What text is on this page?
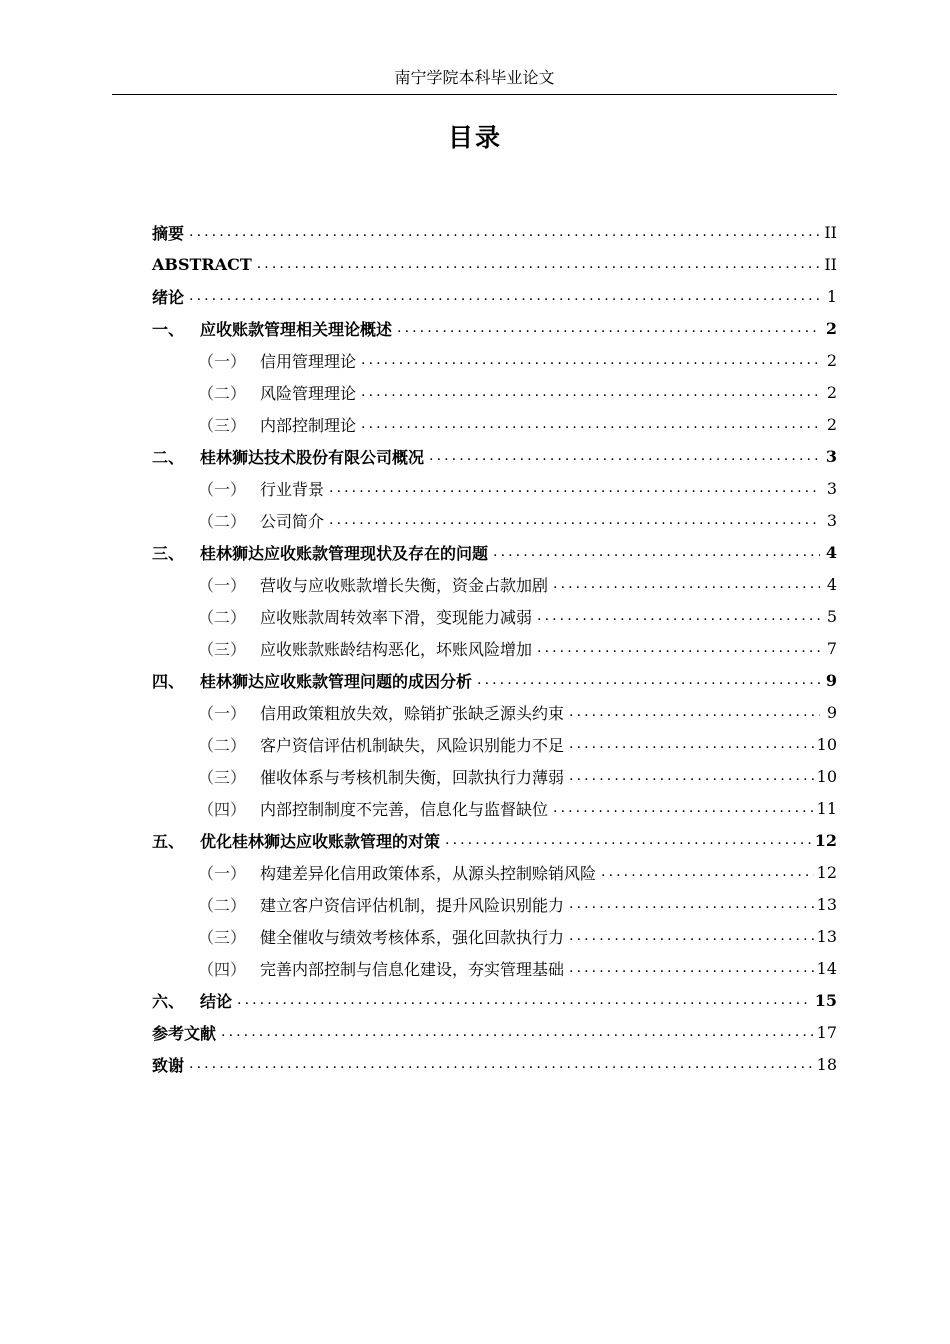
南宁学院本科毕业论文
目录
摘要 .....	II
ABSTRACT .....	II
绪论 .....	1
一、 应收账款管理相关理论概述 .....	2
（一） 信用管理理论 .....	2
（二） 风险管理理论 .....	2
（三） 内部控制理论 .....	2
二、 桂林狮达技术股份有限公司概况 .....	3
（一） 行业背景 .....	3
（二） 公司简介 .....	3
三、 桂林狮达应收账款管理现状及存在的问题 .....	4
（一） 营收与应收账款增长失衡，资金占款加剧 .....	4
（二） 应收账款周转效率下滑，变现能力减弱 .....	5
（三） 应收账款账龄结构恶化，坏账风险增加 .....	7
四、 桂林狮达应收账款管理问题的成因分析 .....	9
（一） 信用政策粗放失效，赊销扩张缺乏源头约束 .....	9
（二） 客户资信评估机制缺失，风险识别能力不足 .....	10
（三） 催收体系与考核机制失衡，回款执行力薄弱 .....	10
（四） 内部控制制度不完善，信息化与监督缺位 .....	11
五、 优化桂林狮达应收账款管理的对策 .....	12
（一） 构建差异化信用政策体系，从源头控制赊销风险 .....	12
（二） 建立客户资信评估机制，提升风险识别能力 .....	13
（三） 健全催收与绩效考核体系，强化回款执行力 .....	13
（四） 完善内部控制与信息化建设，夯实管理基础 .....	14
六、 结论 .....	15
参考文献 .....	17
致谢 .....	18
